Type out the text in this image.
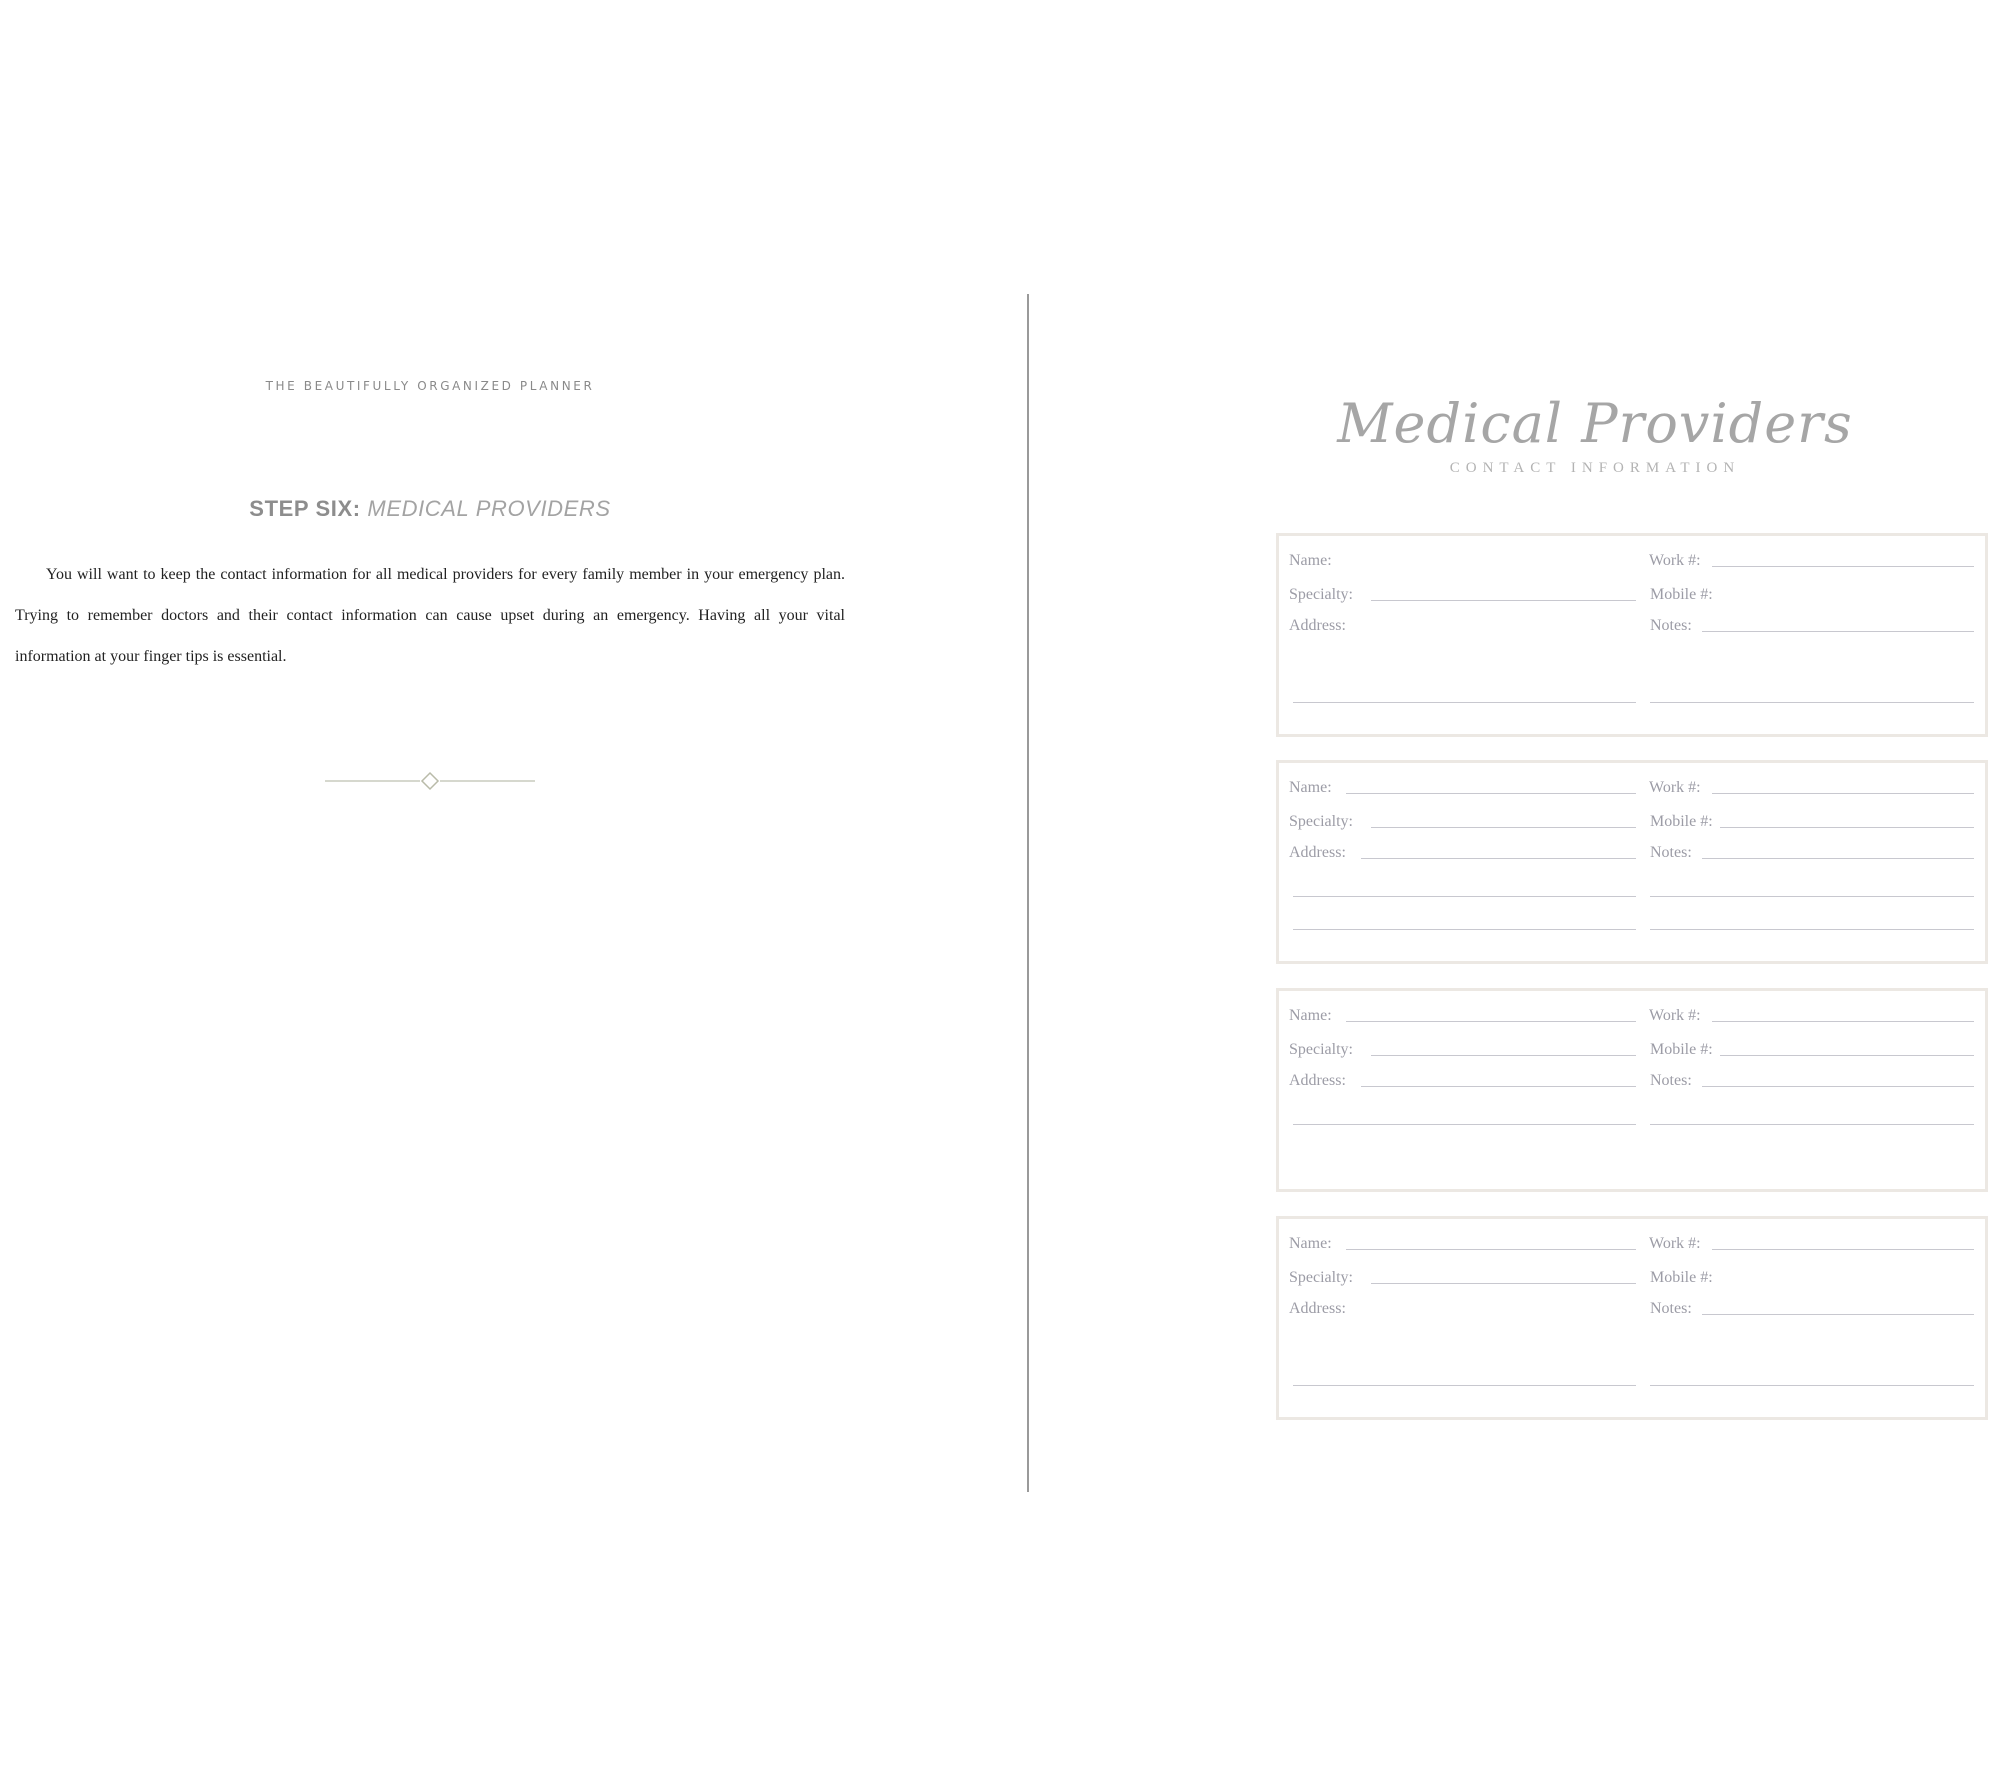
THE BEAUTIFULLY ORGANIZED PLANNER
STEP SIX: MEDICAL PROVIDERS

You will want to keep the contact information for all medical providers for every family member in your emergency plan. Trying to remember doctors and their contact information can cause upset during an emergency. Having all your vital information at your finger tips is essential.

Medical Providers
CONTACT INFORMATION
Name:
Specialty:
Address:
Work #:
Mobile #:
Notes:
Name:
Specialty:
Address:
Work #:
Mobile #:
Notes:
Name:
Specialty:
Address:
Work #:
Mobile #:
Notes:
Name:
Specialty:
Address:
Work #:
Mobile #:
Notes:
